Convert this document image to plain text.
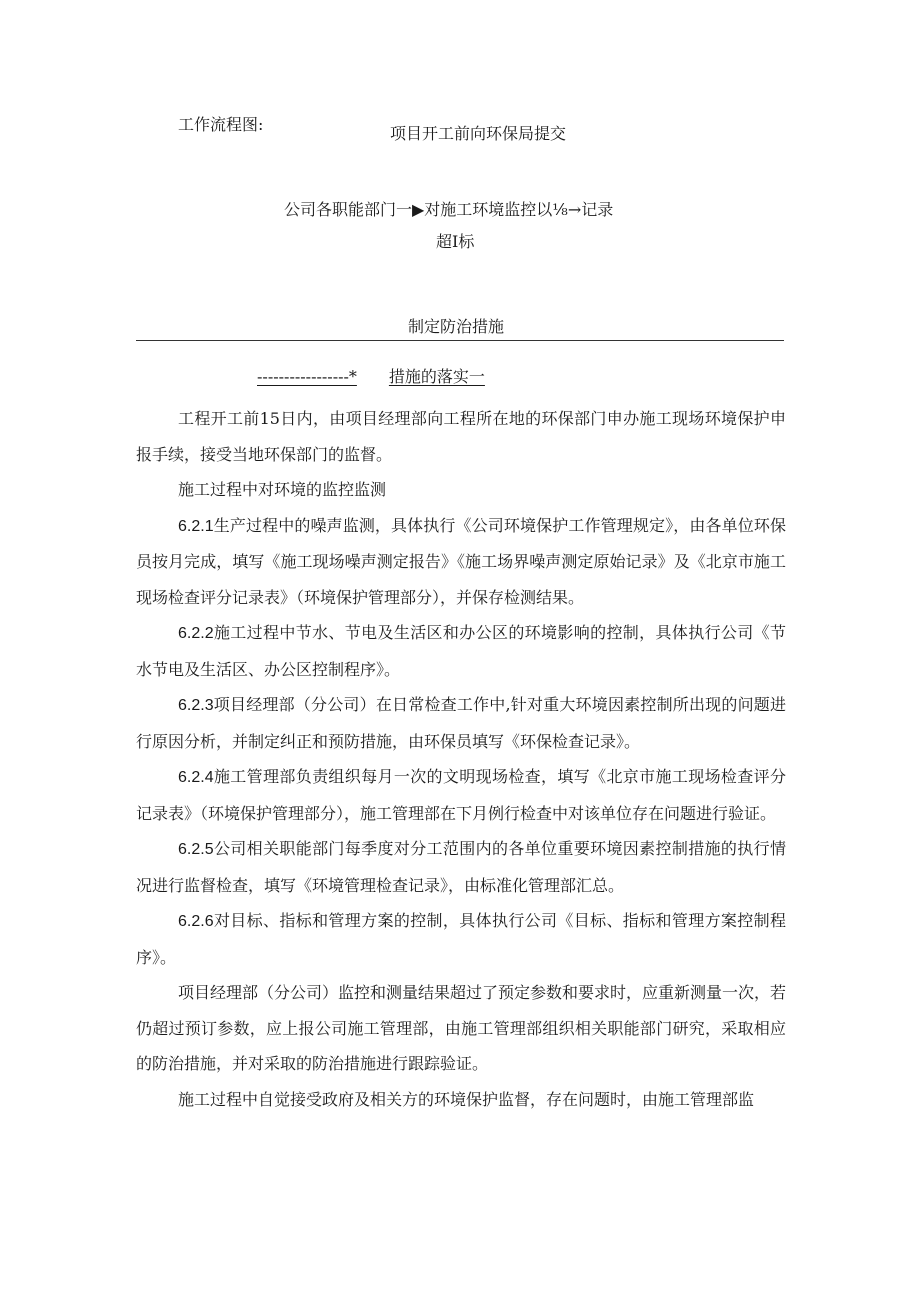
工作流程图:	项目开工前向环保局提交
公司各职能部门一▶对施工环境监控以⅛→记录
超Ⅰ标
制定防治措施
-----------------* 措施的落实一

工程开工前15日内，由项目经理部向工程所在地的环保部门申办施工现场环境保护申报手续，接受当地环保部门的监督。

施工过程中对环境的监控监测

6.2.1生产过程中的噪声监测，具体执行《公司环境保护工作管理规定》，由各单位环保员按月完成，填写《施工现场噪声测定报告》《施工场界噪声测定原始记录》及《北京市施工现场检查评分记录表》（环境保护管理部分），并保存检测结果。

6.2.2施工过程中节水、节电及生活区和办公区的环境影响的控制，具体执行公司《节水节电及生活区、办公区控制程序》。

6.2.3项目经理部（分公司）在日常检查工作中,针对重大环境因素控制所出现的问题进行原因分析，并制定纠正和预防措施，由环保员填写《环保检查记录》。

6.2.4施工管理部负责组织每月一次的文明现场检查，填写《北京市施工现场检查评分记录表》（环境保护管理部分），施工管理部在下月例行检查中对该单位存在问题进行验证。

6.2.5公司相关职能部门每季度对分工范围内的各单位重要环境因素控制措施的执行情况进行监督检查，填写《环境管理检查记录》，由标准化管理部汇总。

6.2.6对目标、指标和管理方案的控制，具体执行公司《目标、指标和管理方案控制程序》。

项目经理部（分公司）监控和测量结果超过了预定参数和要求时，应重新测量一次，若仍超过预订参数，应上报公司施工管理部，由施工管理部组织相关职能部门研究，采取相应的防治措施，并对采取的防治措施进行跟踪验证。

施工过程中自觉接受政府及相关方的环境保护监督，存在问题时，由施工管理部监
